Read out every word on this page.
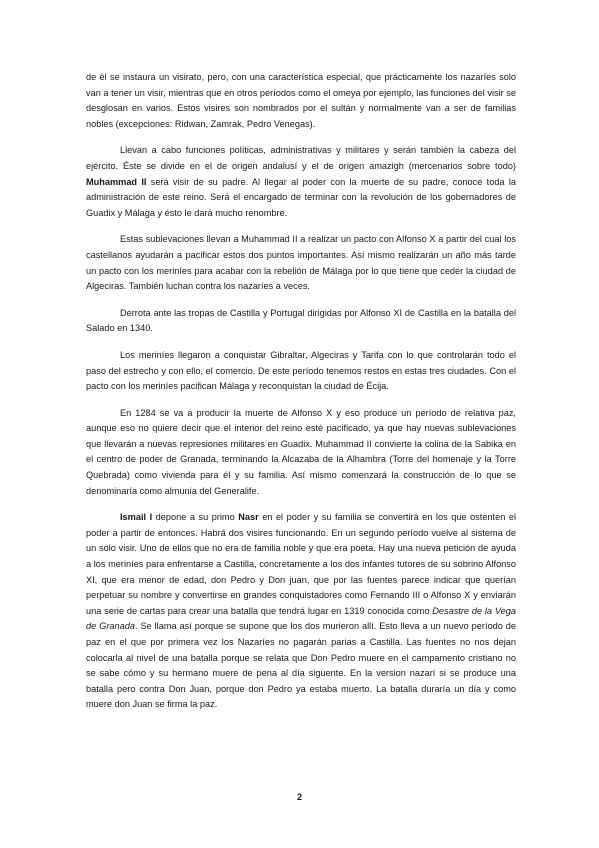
de él se instaura un visirato, pero, con una característica especial, que prácticamente los nazaríes solo van a tener un visir, mientras que en otros períodos como el omeya por ejemplo, las funciones del visir se desglosan en varios. Estos visires son nombrados por el sultán y normalmente van a ser de familias nobles (excepciones: Ridwan, Zamrak, Pedro Venegas).

Llevan a cabo funciones políticas, administrativas y militares y serán también la cabeza del ejército. Éste se divide en el de origen andalusí y el de origen amazigh (mercenarios sobre todo) Muhammad II será visir de su padre. Al llegar al poder con la muerte de su padre, conoce toda la administración de este reino. Será el encargado de terminar con la revolución de los gobernadores de Guadix y Málaga y ésto le dará mucho renombre.

Estas sublevaciones llevan a Muhammad II a realizar un pacto con Alfonso X a partir del cual los castellanos ayudarán a pacificar estos dos puntos importantes. Así mismo realizarán un año más tarde un pacto con los meriníes para acabar con la rebelión de Málaga por lo que tiene que ceder la ciudad de Algeciras. También luchan contra los nazaríes a veces.

Derrota ante las tropas de Castilla y Portugal dirigidas por Alfonso XI de Castilla en la batalla del Salado en 1340.

Los meriníes llegaron a conquistar Gibraltar, Algeciras y Tarifa con lo que controlarán todo el paso del estrecho y con ello, el comercio. De este período tenemos restos en estas tres ciudades. Con el pacto con los meriníes pacifican Málaga y reconquistan la ciudad de Écija.

En 1284 se va a producir la muerte de Alfonso X y eso produce un período de relativa paz, aunque eso no quiere decir que el interior del reino esté pacificado, ya que hay nuevas sublevaciones que llevarán a nuevas represiones militares en Guadix. Muhammad II convierte la colina de la Sabika en el centro de poder de Granada, terminando la Alcazaba de la Alhambra (Torre del homenaje y la Torre Quebrada) como vivienda para él y su familia. Así mismo comenzará la construcción de lo que se denominaría como almunia del Generalife.

Ismail I depone a su primo Nasr en el poder y su familia se convertirá en los que ostenten el poder a partir de entonces. Habrá dos visires funcionando. En un segundo período vuelve al sistema de un solo visir. Uno de ellos que no era de familia noble y que era poeta. Hay una nueva petición de ayuda a los meriníes para enfrentarse a Castilla, concretamente a los dos infantes tutores de su sobrino Alfonso XI, que era menor de edad, don Pedro y Don juan, que por las fuentes parece indicar que querían perpetuar su nombre y convertirse en grandes conquistadores como Fernando III o Alfonso X y enviarán una serie de cartas para crear una batalla que tendrá lugar en 1319 conocida como Desastre de la Vega de Granada. Se llama así porque se supone que los dos murieron allí. Esto lleva a un nuevo período de paz en el que por primera vez los Nazaríes no pagarán parias a Castilla. Las fuentes no nos dejan colocarla al nivel de una batalla porque se relata que Don Pedro muere en el campamento cristiano no se sabe cómo y su hermano muere de pena al día siguente. En la version nazarí si se produce una batalla pero contra Don Juan, porque don Pedro ya estaba muerto. La batalla duraría un día y como muere don Juan se firma la paz.

2
